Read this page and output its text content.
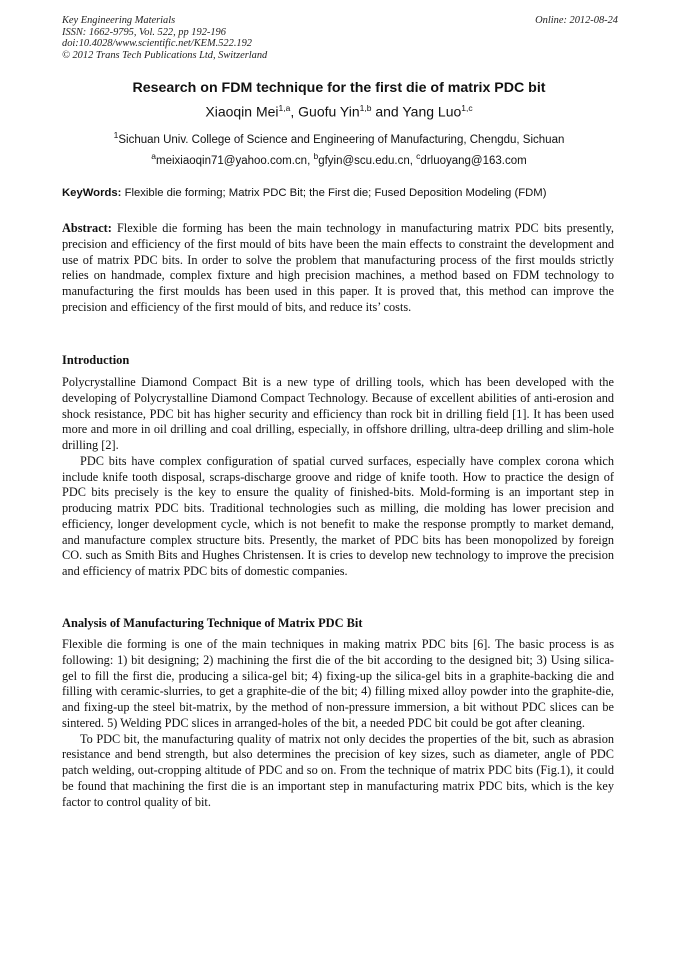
Key Engineering Materials
ISSN: 1662-9795, Vol. 522, pp 192-196
doi:10.4028/www.scientific.net/KEM.522.192
© 2012 Trans Tech Publications Ltd, Switzerland
Online: 2012-08-24
Research on FDM technique for the first die of matrix PDC bit
Xiaoqin Mei$^{1,a}$, Guofu Yin$^{1,b}$ and Yang Luo$^{1,c}$
$^1$Sichuan Univ. College of Science and Engineering of Manufacturing, Chengdu, Sichuan
$^a$meixiaoqin71@yahoo.com.cn, $^b$gfyin@scu.edu.cn, $^c$drluoyang@163.com
KeyWords: Flexible die forming; Matrix PDC Bit; the First die; Fused Deposition Modeling (FDM)

Abstract: Flexible die forming has been the main technology in manufacturing matrix PDC bits presently, precision and efficiency of the first mould of bits have been the main effects to constraint the development and use of matrix PDC bits. In order to solve the problem that manufacturing process of the first moulds strictly relies on handmade, complex fixture and high precision machines, a method based on FDM technology to manufacturing the first moulds has been used in this paper. It is proved that, this method can improve the precision and efficiency of the first mould of bits, and reduce its’ costs.

Introduction

Polycrystalline Diamond Compact Bit is a new type of drilling tools, which has been developed with the developing of Polycrystalline Diamond Compact Technology. Because of excellent abilities of anti-erosion and shock resistance, PDC bit has higher security and efficiency than rock bit in drilling field [1]. It has been used more and more in oil drilling and coal drilling, especially, in offshore drilling, ultra-deep drilling and slim-hole drilling [2].

PDC bits have complex configuration of spatial curved surfaces, especially have complex corona which include knife tooth disposal, scraps-discharge groove and ridge of knife tooth. How to practice the design of PDC bits precisely is the key to ensure the quality of finished-bits. Mold-forming is an important step in producing matrix PDC bits. Traditional technologies such as milling, die molding has lower precision and efficiency, longer development cycle, which is not benefit to make the response promptly to market demand, and manufacture complex structure bits. Presently, the market of PDC bits has been monopolized by foreign CO. such as Smith Bits and Hughes Christensen. It is cries to develop new technology to improve the precision and efficiency of matrix PDC bits of domestic companies.

Analysis of Manufacturing Technique of Matrix PDC Bit

Flexible die forming is one of the main techniques in making matrix PDC bits [6]. The basic process is as following: 1) bit designing; 2) machining the first die of the bit according to the designed bit; 3) Using silica-gel to fill the first die, producing a silica-gel bit; 4) fixing-up the silica-gel bits in a graphite-backing die and filling with ceramic-slurries, to get a graphite-die of the bit; 4) filling mixed alloy powder into the graphite-die, and fixing-up the steel bit-matrix, by the method of non-pressure immersion, a bit without PDC slices can be sintered. 5) Welding PDC slices in arranged-holes of the bit, a needed PDC bit could be got after cleaning.

To PDC bit, the manufacturing quality of matrix not only decides the properties of the bit, such as abrasion resistance and bend strength, but also determines the precision of key sizes, such as diameter, angle of PDC patch welding, out-cropping altitude of PDC and so on. From the technique of matrix PDC bits (Fig.1), it could be found that machining the first die is an important step in manufacturing matrix PDC bits, which is the key factor to control quality of bit.
